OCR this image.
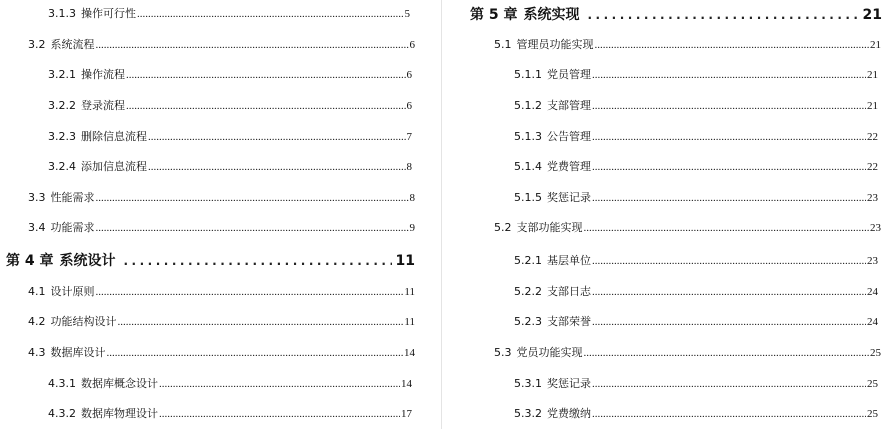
3.1.3 操作可行性 .....	5
3.2 系统流程 .....	6
3.2.1 操作流程 .....	6
3.2.2 登录流程 .....	6
3.2.3 删除信息流程 .....	7
3.2.4 添加信息流程 .....	8
3.3 性能需求 .....	8
3.4 功能需求 .....	9
第 4 章 系统设计 .....	11
4.1 设计原则 .....	11
4.2 功能结构设计 .....	11
4.3 数据库设计 .....	14
4.3.1 数据库概念设计 .....	14
4.3.2 数据库物理设计 .....	17
第 5 章 系统实现 .....	21
5.1 管理员功能实现 .....	21
5.1.1 党员管理 .....	21
5.1.2 支部管理 .....	21
5.1.3 公告管理 .....	22
5.1.4 党费管理 .....	22
5.1.5 奖惩记录 .....	23
5.2 支部功能实现 .....	23
5.2.1 基层单位 .....	23
5.2.2 支部日志 .....	24
5.2.3 支部荣誉 .....	24
5.3 党员功能实现 .....	25
5.3.1 奖惩记录 .....	25
5.3.2 党费缴纳 .....	25
